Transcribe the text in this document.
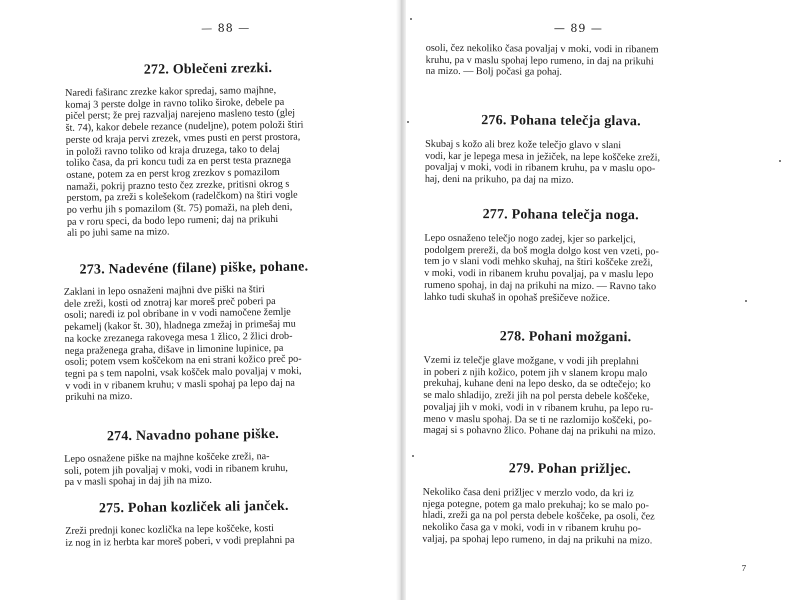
— 88 —
272. Oblečeni zrezki.
Naredi faširanc zrezke kakor spredaj, samo majhne,
komaj 3 perste dolge in ravno toliko široke, debele pa
pičel perst; že prej razvaljaj narejeno masleno testo (glej
št. 74), kakor debele rezance (nudeljne), potem položi štiri
perste od kraja pervi zrezek, vmes pusti en perst prostora,
in položi ravno toliko od kraja druzega, tako to delaj
toliko časa, da pri koncu tudi za en perst testa praznega
ostane, potem za en perst krog zrezkov s pomazilom
namaži, pokrij prazno testo čez zrezke, pritisni okrog s
perstom, pa zreži s kolešekom (radelčkom) na štiri vogle
po verhu jih s pomazilom (št. 75) pomaži, na pleh deni,
pa v roru speci, da bodo lepo rumeni; daj na prikuhi
ali po juhi same na mizo.
273. Nadevéne (filane) piške, pohane.
Zaklani in lepo osnaženi majhni dve piški na štiri
dele zreži, kosti od znotraj kar moreš preč poberi pa
osoli; naredi iz pol obribane in v vodi namočene žemlje
pekamelj (kakor št. 30), hladnega zmežaj in primešaj mu
na kocke zrezanega rakovega mesa 1 žlico, 2 žlici drob-
nega praženega graha, dišave in limonine lupinice, pa
osoli; potem vsem koščekom na eni strani kožico preč po-
tegni pa s tem napolni, vsak košček malo povaljaj v moki,
v vodi in v ribanem kruhu; v masli spohaj pa lepo daj na
prikuhi na mizo.
274. Navadno pohane piške.
Lepo osnažene piške na majhne koščeke zreži, na-
soli, potem jih povaljaj v moki, vodi in ribanem kruhu,
pa v masli spohaj in daj jih na mizo.
275. Pohan kozliček ali janček.
Zreži prednji konec kozlička na lepe koščeke, kosti
iz nog in iz herbta kar moreš poberi, v vodi preplahni pa
— 89 —
osoli, čez nekoliko časa povaljaj v moki, vodi in ribanem
kruhu, pa v maslu spohaj lepo rumeno, in daj na prikuhi
na mizo. — Bolj počasi ga pohaj.
276. Pohana telečja glava.
Skubaj s kožo ali brez kože telečjo glavo v slani
vodi, kar je lepega mesa in ježiček, na lepe koščeke zreži,
povaljaj v moki, vodi in ribanem kruhu, pa v maslu opo-
haj, deni na prikuho, pa daj na mizo.
277. Pohana telečja noga.
Lepo osnaženo telečjo nogo zadej, kjer so parkeljci,
podolgem prereži, da boš mogla dolgo kost ven vzeti, po-
tem jo v slani vodi mehko skuhaj, na štiri koščeke zreži,
v moki, vodi in ribanem kruhu povaljaj, pa v maslu lepo
rumeno spohaj, in daj na prikuhi na mizo. — Ravno tako
lahko tudi skuhaš in opohaš prešičeve nožice.
278. Pohani možgani.
Vzemi iz telečje glave možgane, v vodi jih preplahni
in poberi z njih kožico, potem jih v slanem kropu malo
prekuhaj, kuhane deni na lepo desko, da se odtečejo; ko
se malo shladijo, zreži jih na pol persta debele koščeke,
povaljaj jih v moki, vodi in v ribanem kruhu, pa lepo ru-
meno v maslu spohaj. Da se ti ne razlomijo koščeki, po-
magaj si s pohavno žlico. Pohane daj na prikuhi na mizo.
279. Pohan prižljec.
Nekoliko časa deni prižljec v merzlo vodo, da kri iz
njega potegne, potem ga malo prekuhaj; ko se malo po-
hladi, zreži ga na pol persta debele koščeke, pa osoli, čez
nekoliko časa ga v moki, vodi in v ribanem kruhu po-
valjaj, pa spohaj lepo rumeno, in daj na prikuhi na mizo.
7
